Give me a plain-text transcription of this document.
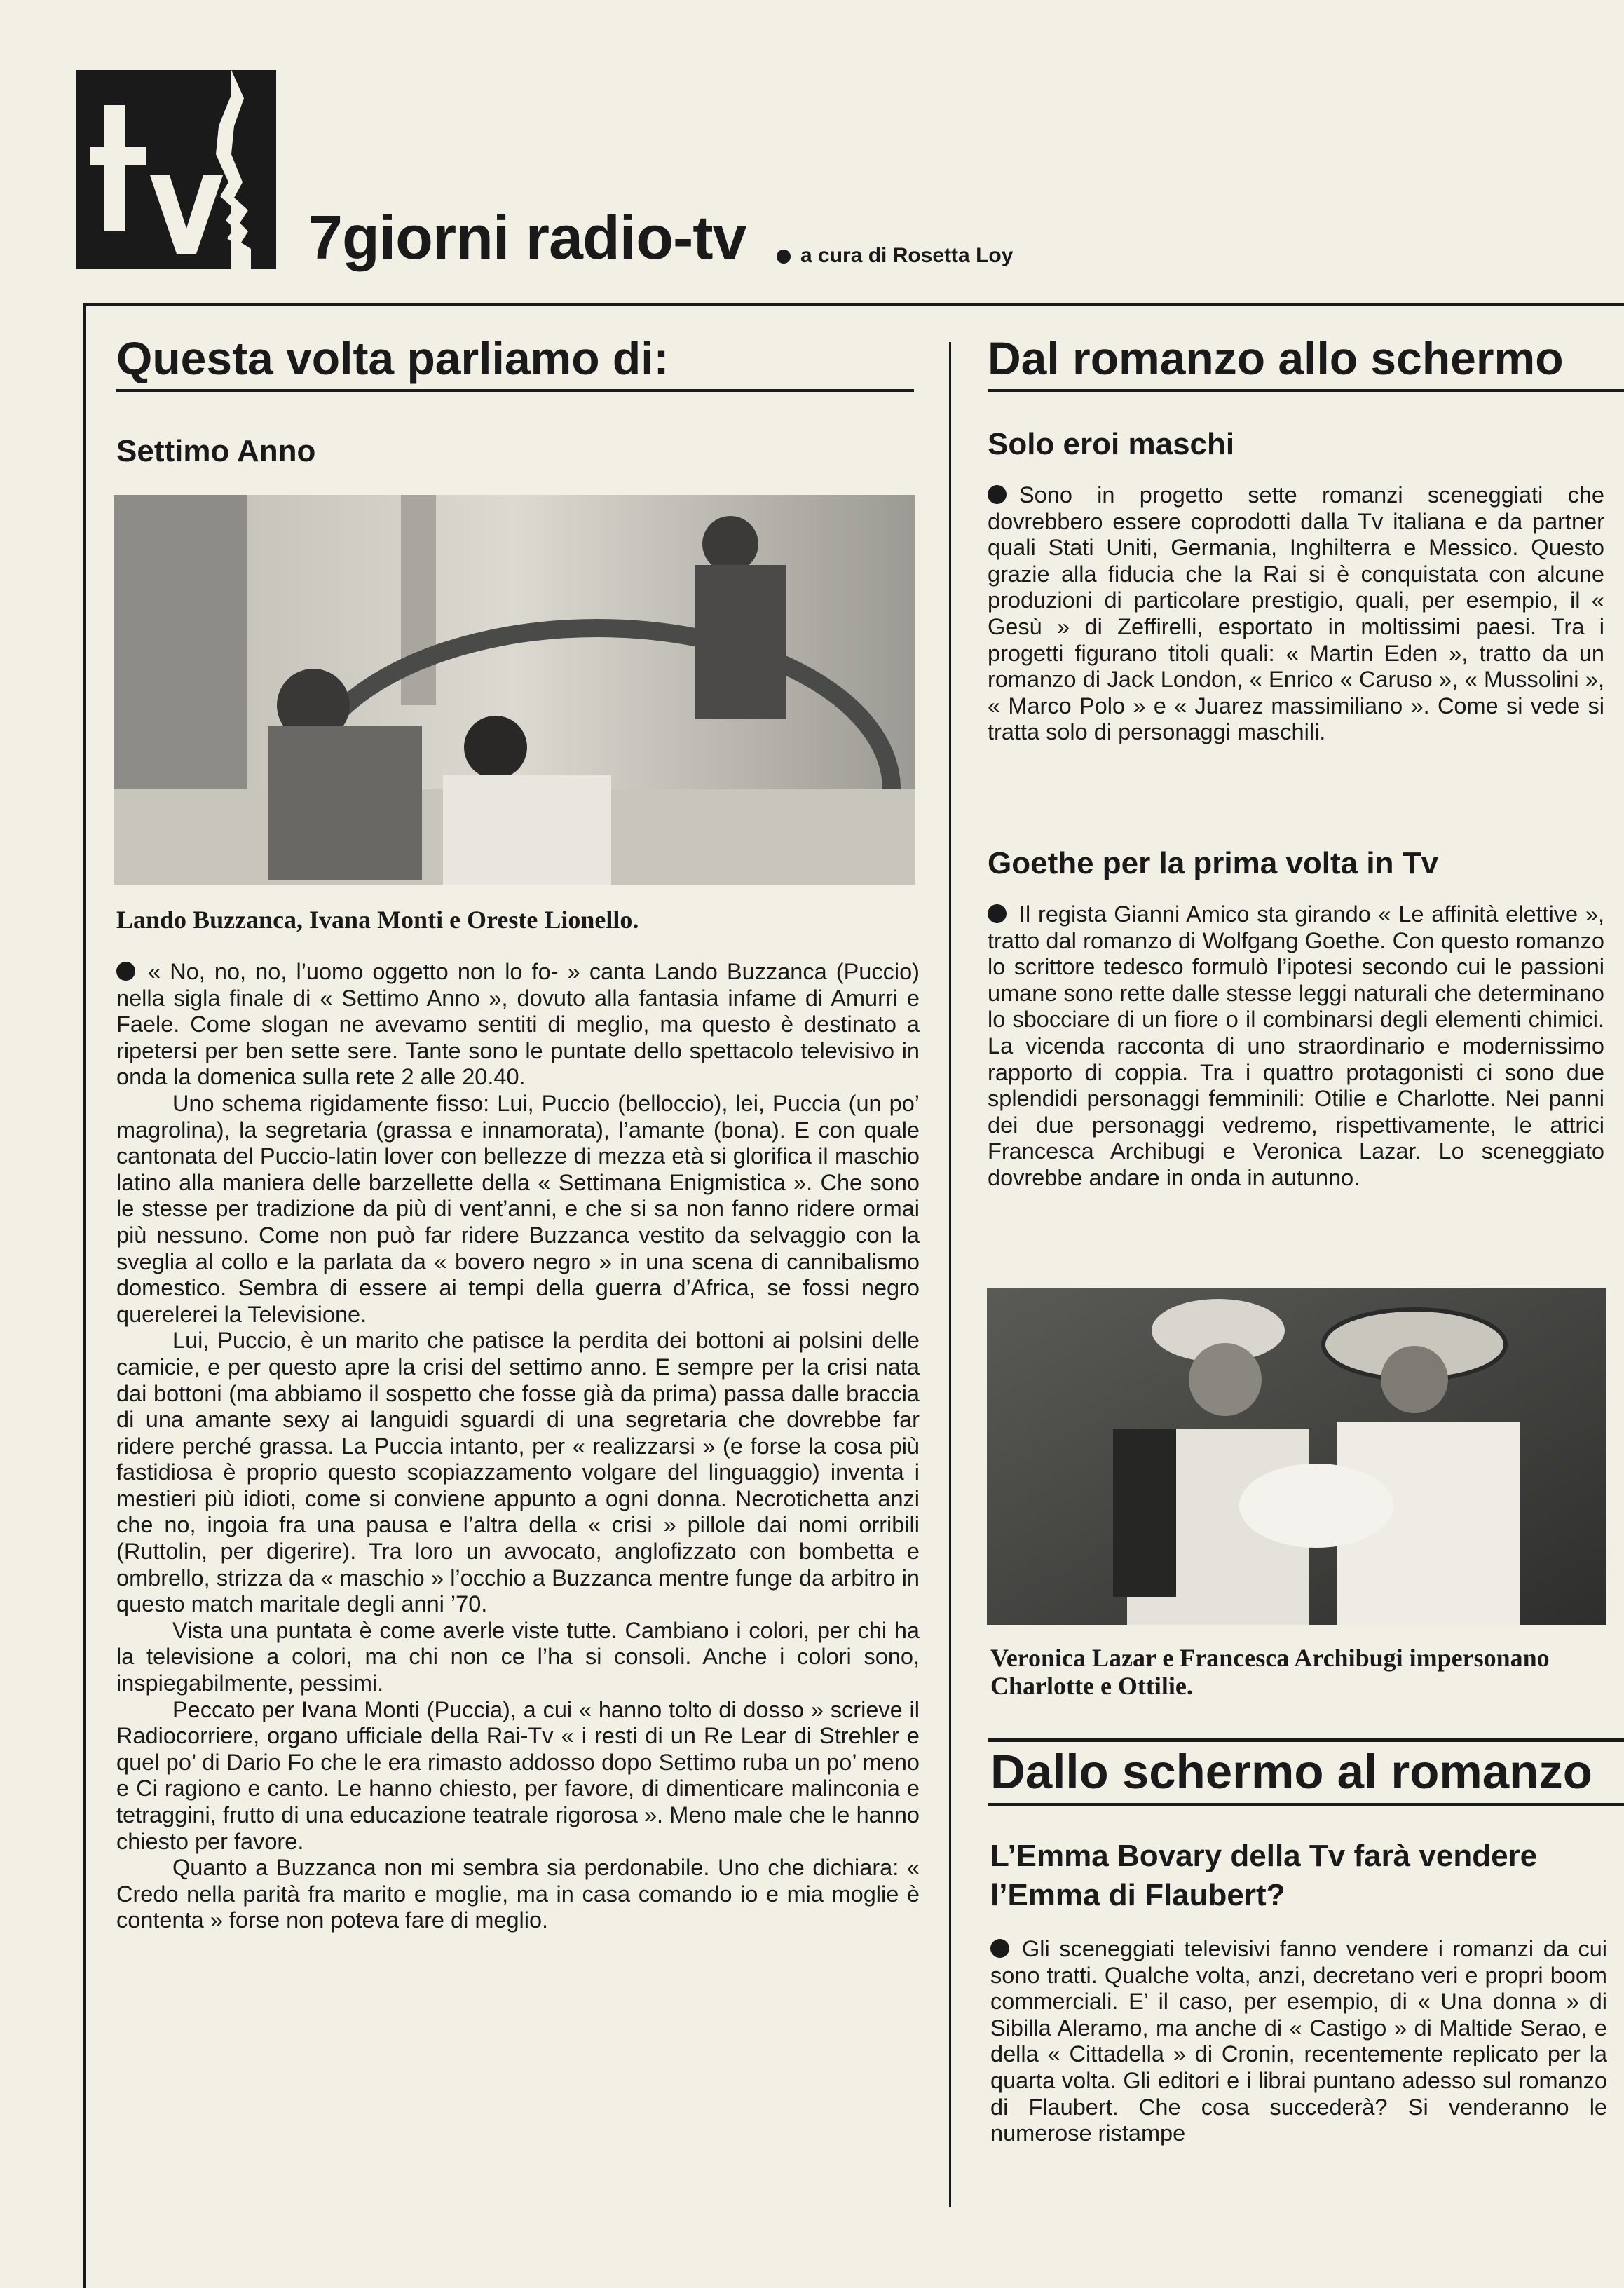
7giorni radio-tv	a cura di Rosetta Loy
Questa volta parliamo di:
Settimo Anno
Lando Buzzanca, Ivana Monti e Oreste Lionello.

« No, no, no, l’uomo oggetto non lo fo- » canta Lando Buzzanca (Puccio) nella sigla finale di « Settimo Anno », dovuto alla fantasia infame di Amurri e Faele. Come slogan ne avevamo sentiti di meglio, ma questo è destinato a ripetersi per ben sette sere. Tante sono le puntate dello spettacolo televisivo in onda la domenica sulla rete 2 alle 20.40.

Uno schema rigidamente fisso: Lui, Puccio (belloccio), lei, Puccia (un po’ magrolina), la segretaria (grassa e innamorata), l’amante (bona). E con quale cantonata del Puccio-latin lover con bellezze di mezza età si glorifica il maschio latino alla maniera delle barzellette della « Settimana Enigmistica ». Che sono le stesse per tradizione da più di vent’anni, e che si sa non fanno ridere ormai più nessuno. Come non può far ridere Buzzanca vestito da selvaggio con la sveglia al collo e la parlata da « bovero negro » in una scena di cannibalismo domestico. Sembra di essere ai tempi della guerra d’Africa, se fossi negro querelerei la Televisione.

Lui, Puccio, è un marito che patisce la perdita dei bottoni ai polsini delle camicie, e per questo apre la crisi del settimo anno. E sempre per la crisi nata dai bottoni (ma abbiamo il sospetto che fosse già da prima) passa dalle braccia di una amante sexy ai languidi sguardi di una segretaria che dovrebbe far ridere perché grassa. La Puccia intanto, per « realizzarsi » (e forse la cosa più fastidiosa è proprio questo scopiazzamento volgare del linguaggio) inventa i mestieri più idioti, come si conviene appunto a ogni donna. Necrotichetta anzi che no, ingoia fra una pausa e l’altra della « crisi » pillole dai nomi orribili (Ruttolin, per digerire). Tra loro un avvocato, anglofizzato con bombetta e ombrello, strizza da « maschio » l’occhio a Buzzanca mentre funge da arbitro in questo match maritale degli anni ’70.

Vista una puntata è come averle viste tutte. Cambiano i colori, per chi ha la televisione a colori, ma chi non ce l’ha si consoli. Anche i colori sono, inspiegabilmente, pessimi.

Peccato per Ivana Monti (Puccia), a cui « hanno tolto di dosso » scrieve il Radiocorriere, organo ufficiale della Rai-Tv « i resti di un Re Lear di Strehler e quel po’ di Dario Fo che le era rimasto addosso dopo Settimo ruba un po’ meno e Ci ragiono e canto. Le hanno chiesto, per favore, di dimenticare malinconia e tetraggini, frutto di una educazione teatrale rigorosa ». Meno male che le hanno chiesto per favore.

Quanto a Buzzanca non mi sembra sia perdonabile. Uno che dichiara: « Credo nella parità fra marito e moglie, ma in casa comando io e mia moglie è contenta » forse non poteva fare di meglio.

Dal romanzo allo schermo
Solo eroi maschi

Sono in progetto sette romanzi sceneggiati che dovrebbero essere coprodotti dalla Tv italiana e da partner quali Stati Uniti, Germania, Inghilterra e Messico. Questo grazie alla fiducia che la Rai si è conquistata con alcune produzioni di particolare prestigio, quali, per esempio, il « Gesù » di Zeffirelli, esportato in moltissimi paesi. Tra i progetti figurano titoli quali: « Martin Eden », tratto da un romanzo di Jack London, « Enrico « Caruso », « Mussolini », « Marco Polo » e « Juarez massimiliano ». Come si vede si tratta solo di personaggi maschili.

Goethe per la prima volta in Tv

Il regista Gianni Amico sta girando « Le affinità elettive », tratto dal romanzo di Wolfgang Goethe. Con questo romanzo lo scrittore tedesco formulò l’ipotesi secondo cui le passioni umane sono rette dalle stesse leggi naturali che determinano lo sbocciare di un fiore o il combinarsi degli elementi chimici. La vicenda racconta di uno straordinario e modernissimo rapporto di coppia. Tra i quattro protagonisti ci sono due splendidi personaggi femminili: Otilie e Charlotte. Nei panni dei due personaggi vedremo, rispettivamente, le attrici Francesca Archibugi e Veronica Lazar. Lo sceneggiato dovrebbe andare in onda in autunno.

Veronica Lazar e Francesca Archibugi impersonano Charlotte e Ottilie.
Dallo schermo al romanzo
L’Emma Bovary della Tv farà vendere l’Emma di Flaubert?

Gli sceneggiati televisivi fanno vendere i romanzi da cui sono tratti. Qualche volta, anzi, decretano veri e propri boom commerciali. E’ il caso, per esempio, di « Una donna » di Sibilla Aleramo, ma anche di « Castigo » di Maltide Serao, e della « Cittadella » di Cronin, recentemente replicato per la quarta volta. Gli editori e i librai puntano adesso sul romanzo di Flaubert. Che cosa succederà? Si venderanno le numerose ristampe
